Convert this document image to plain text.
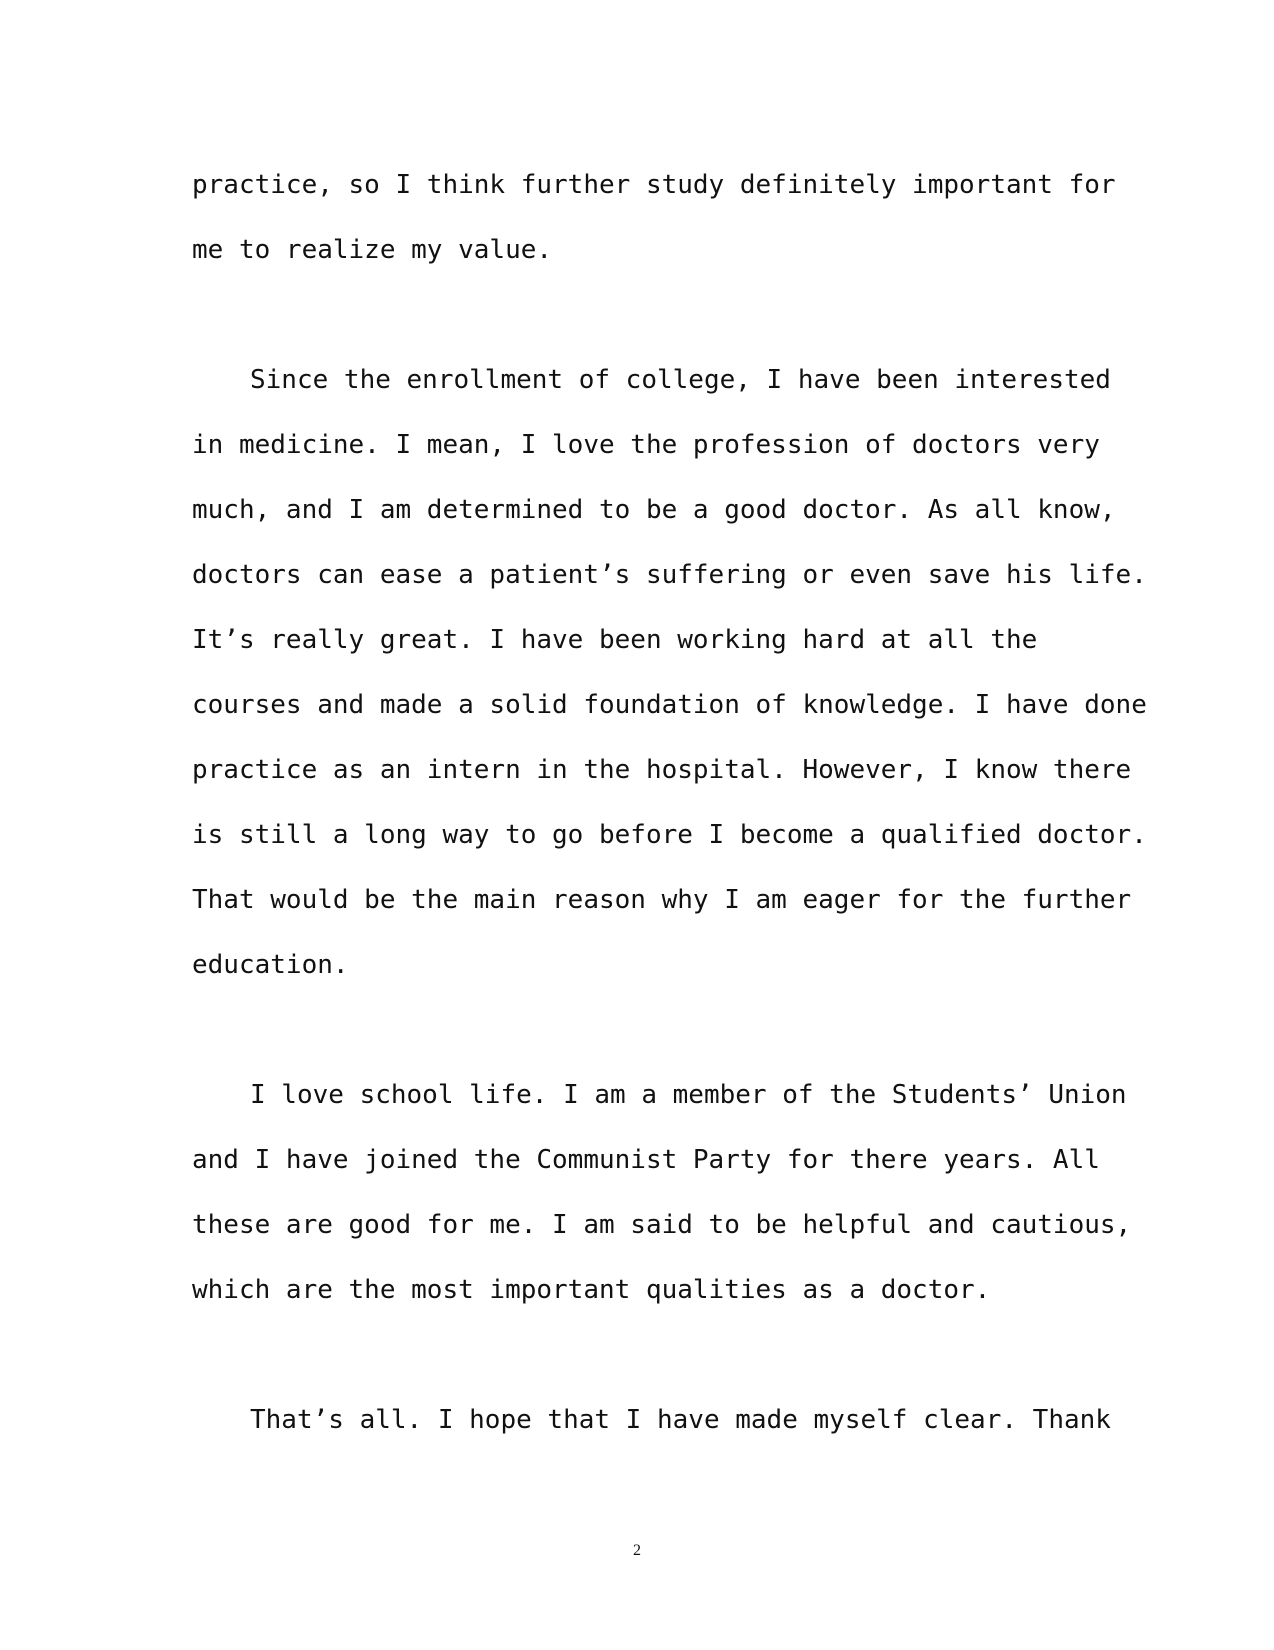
practice, so I think further study definitely important for
me to realize my value.
Since the enrollment of college, I have been interested
in medicine. I mean, I love the profession of doctors very
much, and I am determined to be a good doctor. As all know,
doctors can ease a patient’s suffering or even save his life.
It’s really great. I have been working hard at all the
courses and made a solid foundation of knowledge. I have done
practice as an intern in the hospital. However, I know there
is still a long way to go before I become a qualified doctor.
That would be the main reason why I am eager for the further
education.
I love school life. I am a member of the Students’ Union
and I have joined the Communist Party for there years. All
these are good for me. I am said to be helpful and cautious,
which are the most important qualities as a doctor.
That’s all. I hope that I have made myself clear. Thank
2
